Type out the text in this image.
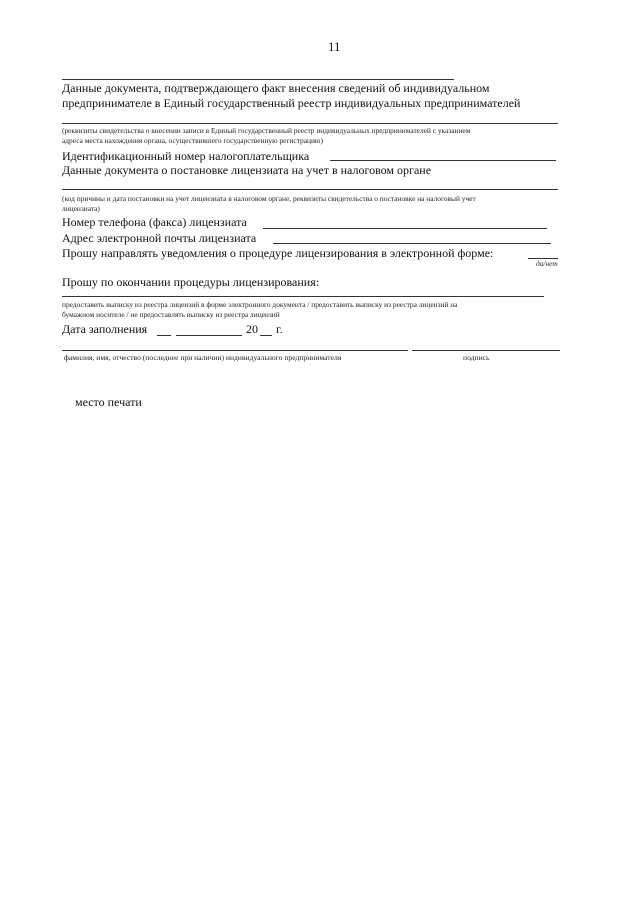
11
Данные документа, подтверждающего факт внесения сведений об индивидуальном
предпринимателе в Единый государственный реестр индивидуальных предпринимателей
(реквизиты свидетельства о внесении записи в Единый государственный реестр индивидуальных предпринимателей с указанием
адреса места нахождения органа, осуществившего государственную регистрацию)
Идентификационный номер налогоплательщика
Данные документа о постановке лицензиата на учет в налоговом органе
(код причины и дата постановки на учет лицензиата в налоговом органе, реквизиты свидетельства о постановке на налоговый учет
лицензиата)
Номер телефона (факса) лицензиата
Адрес электронной почты лицензиата
Прошу направлять уведомления о процедуре лицензирования в электронной форме:
да/нет
Прошу по окончании процедуры лицензирования:
предоставить выписку из реестра лицензий в форме электронного документа / предоставить выписку из реестра лицензий на
бумажном носителе / не предоставлять выписку из реестра лицензий
Дата заполнения	20 г.
фамилия, имя, отчество (последнее при наличии) индивидуального предпринимателя	подпись
место печати
